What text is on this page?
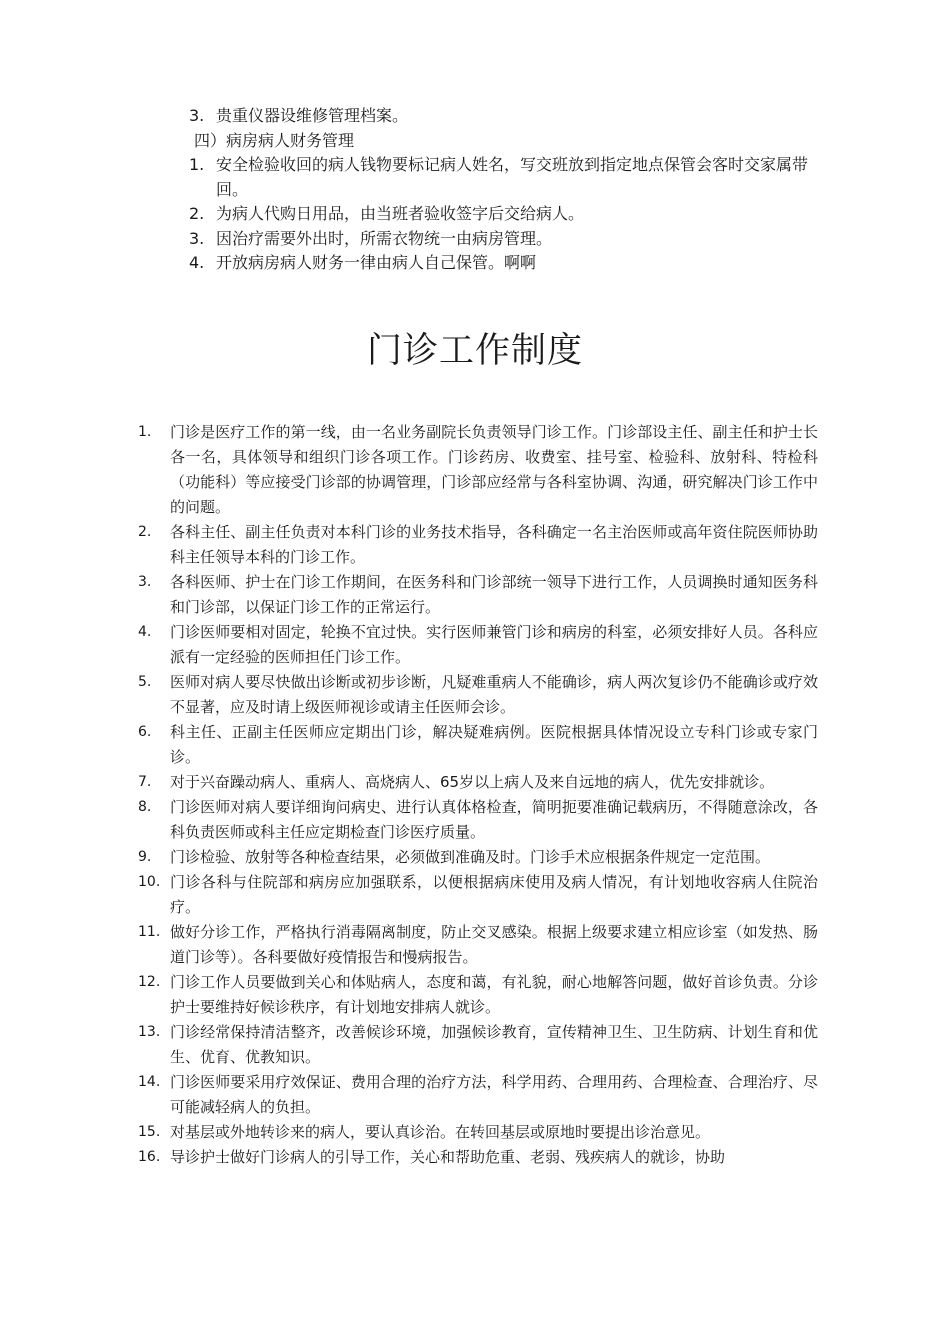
3. 贵重仪器设维修管理档案。
四）病房病人财务管理
1. 安全检验收回的病人钱物要标记病人姓名，写交班放到指定地点保管会客时交家属带回。
2. 为病人代购日用品，由当班者验收签字后交给病人。
3. 因治疗需要外出时，所需衣物统一由病房管理。
4. 开放病房病人财务一律由病人自己保管。啊啊
门诊工作制度
1.	门诊是医疗工作的第一线，由一名业务副院长负责领导门诊工作。门诊部设主任、副主任和护士长各一名，具体领导和组织门诊各项工作。门诊药房、收费室、挂号室、检验科、放射科、特检科（功能科）等应接受门诊部的协调管理，门诊部应经常与各科室协调、沟通，研究解决门诊工作中的问题。
2.	各科主任、副主任负责对本科门诊的业务技术指导，各科确定一名主治医师或高年资住院医师协助科主任领导本科的门诊工作。
3.	各科医师、护士在门诊工作期间，在医务科和门诊部统一领导下进行工作，人员调换时通知医务科和门诊部，以保证门诊工作的正常运行。
4.	门诊医师要相对固定，轮换不宜过快。实行医师兼管门诊和病房的科室，必须安排好人员。各科应派有一定经验的医师担任门诊工作。
5.	医师对病人要尽快做出诊断或初步诊断，凡疑难重病人不能确诊，病人两次复诊仍不能确诊或疗效不显著，应及时请上级医师视诊或请主任医师会诊。
6.	科主任、正副主任医师应定期出门诊，解决疑难病例。医院根据具体情况设立专科门诊或专家门诊。
7.	对于兴奋躁动病人、重病人、高烧病人、65岁以上病人及来自远地的病人，优先安排就诊。
8.	门诊医师对病人要详细询问病史、进行认真体格检查，简明扼要准确记载病历，不得随意涂改，各科负责医师或科主任应定期检查门诊医疗质量。
9.	门诊检验、放射等各种检查结果，必须做到准确及时。门诊手术应根据条件规定一定范围。
10. 门诊各科与住院部和病房应加强联系，以便根据病床使用及病人情况，有计划地收容病人住院治疗。
11. 做好分诊工作，严格执行消毒隔离制度，防止交叉感染。根据上级要求建立相应诊室（如发热、肠道门诊等）。各科要做好疫情报告和慢病报告。
12. 门诊工作人员要做到关心和体贴病人，态度和蔼，有礼貌，耐心地解答问题，做好首诊负责。分诊护士要维持好候诊秩序，有计划地安排病人就诊。
13. 门诊经常保持清洁整齐，改善候诊环境，加强候诊教育，宣传精神卫生、卫生防病、计划生育和优生、优育、优教知识。
14. 门诊医师要采用疗效保证、费用合理的治疗方法，科学用药、合理用药、合理检查、合理治疗、尽可能减轻病人的负担。
15. 对基层或外地转诊来的病人，要认真诊治。在转回基层或原地时要提出诊治意见。
16. 导诊护士做好门诊病人的引导工作，关心和帮助危重、老弱、残疾病人的就诊，协助
